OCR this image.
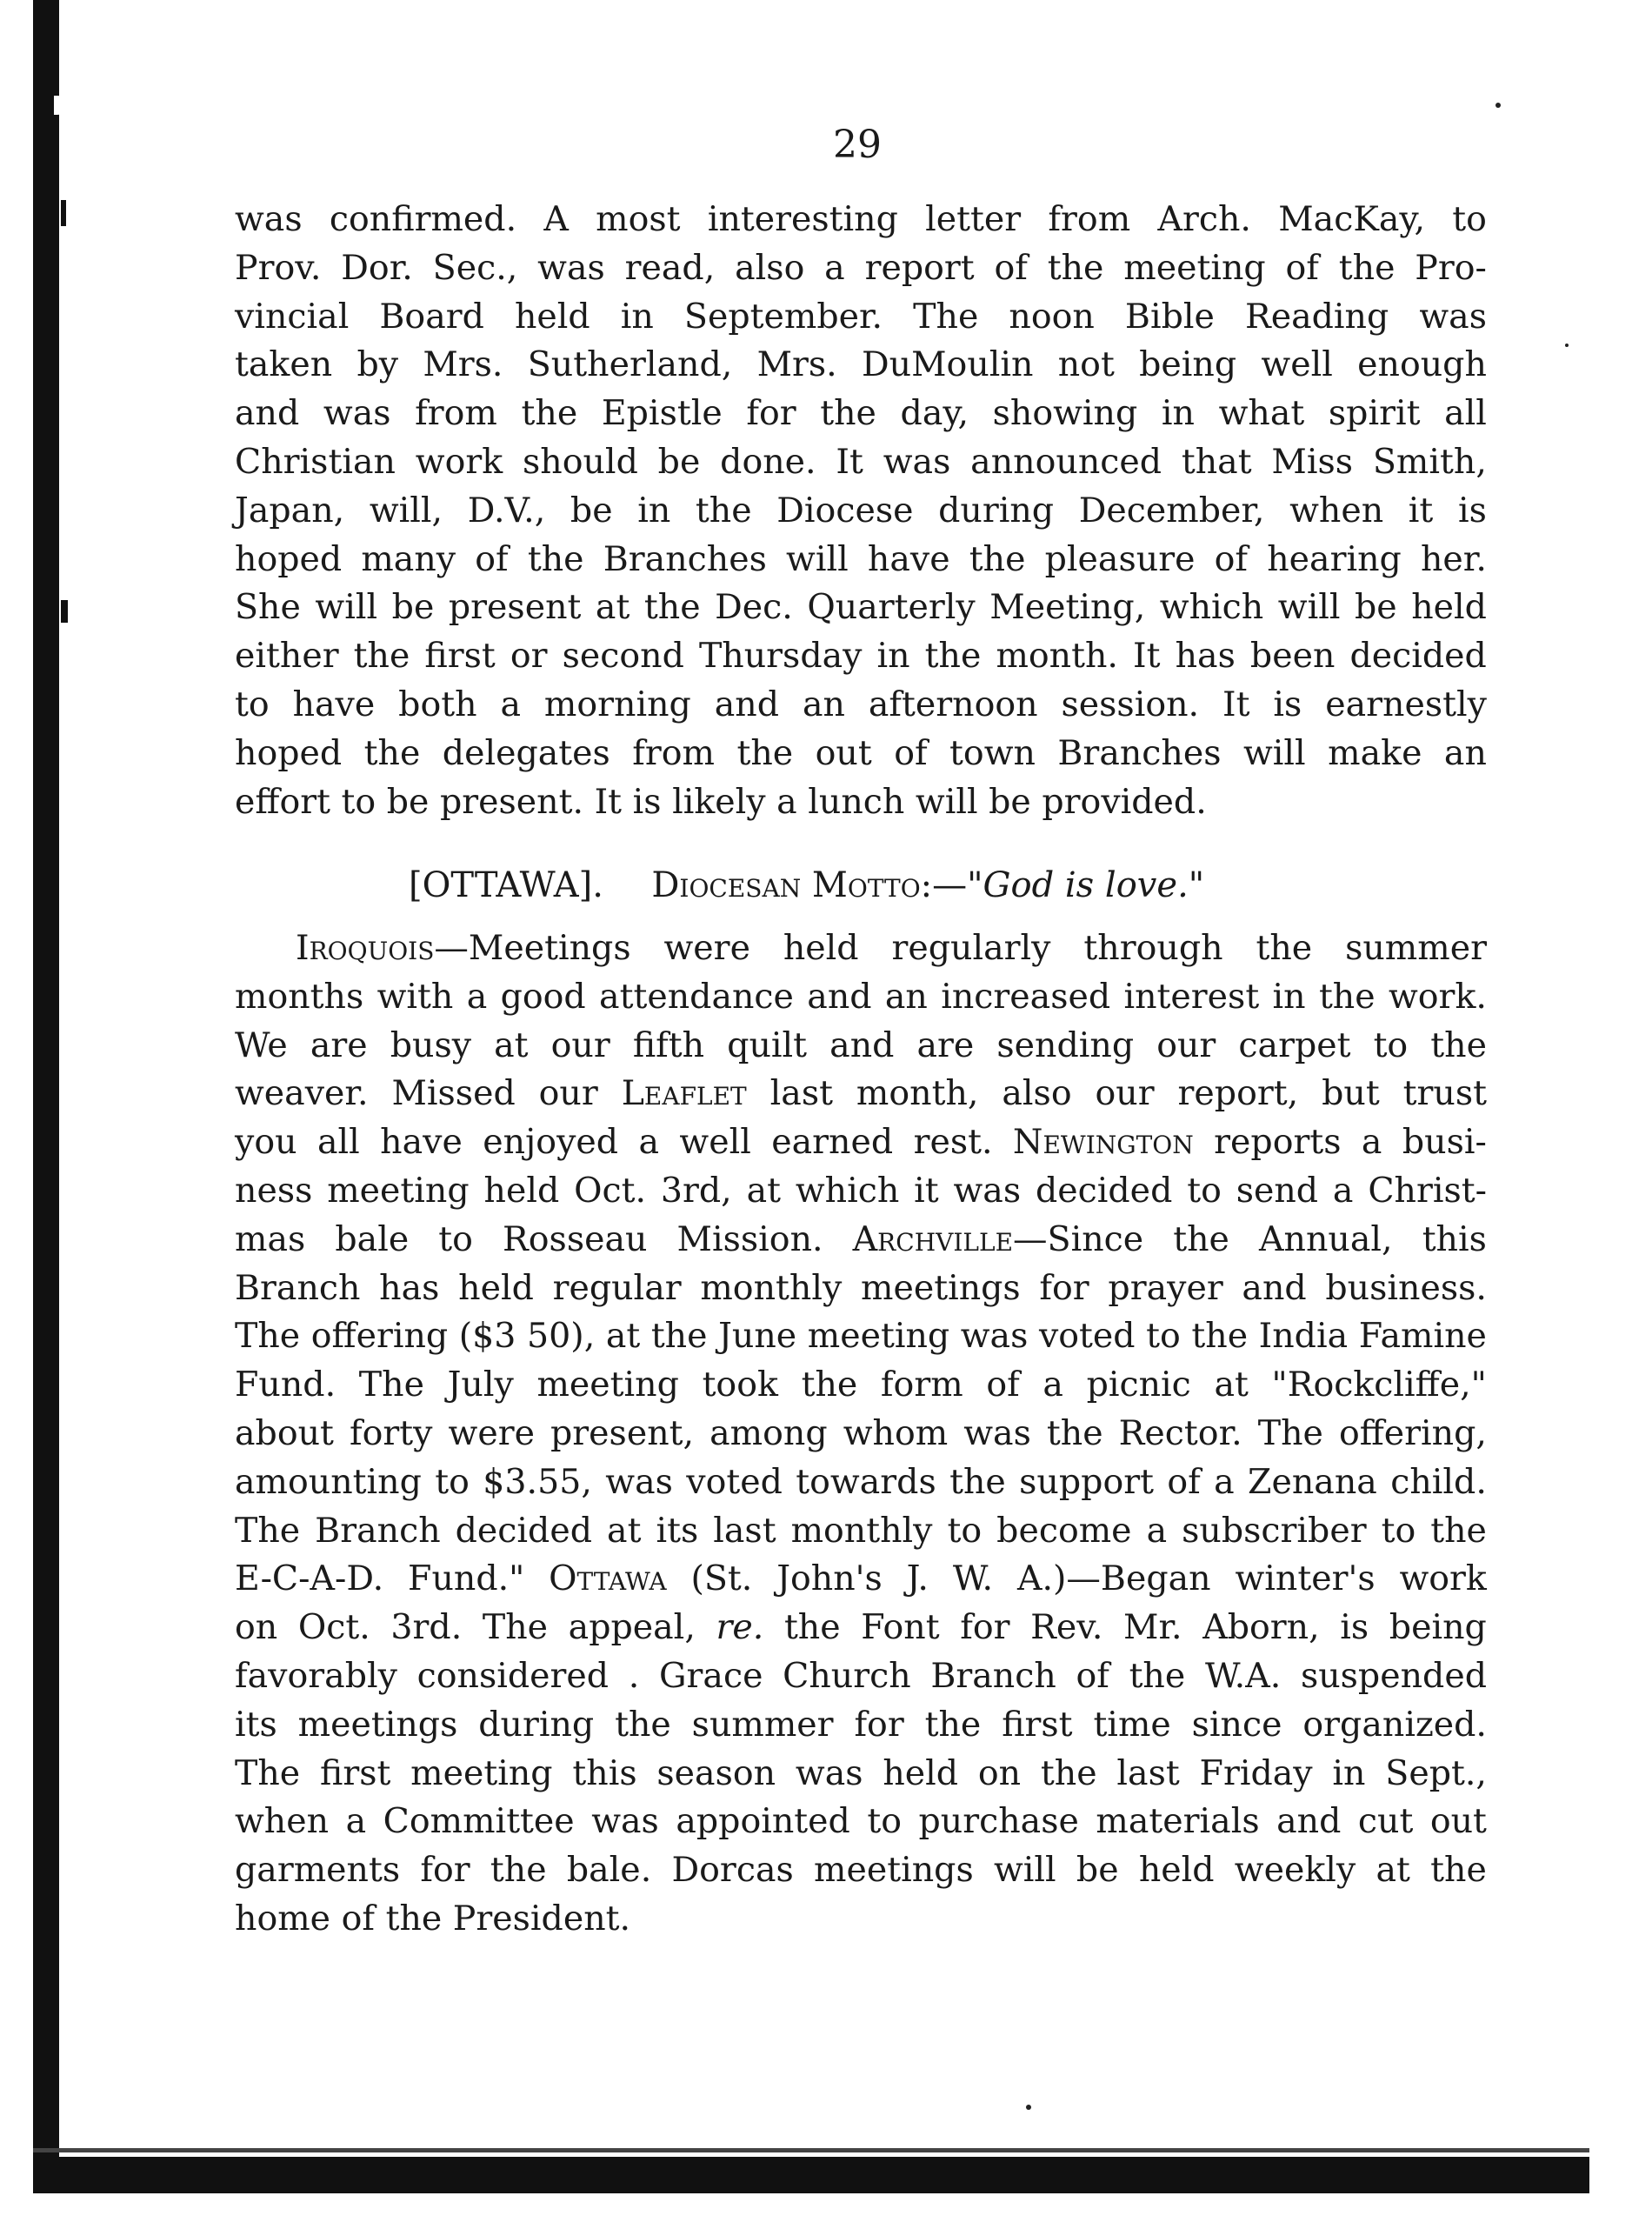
29
was confirmed. A most interesting letter from Arch. MacKay, to
Prov. Dor. Sec., was read, also a report of the meeting of the Pro-
vincial Board held in September. The noon Bible Reading was
taken by Mrs. Sutherland, Mrs. DuMoulin not being well enough
and was from the Epistle for the day, showing in what spirit all
Christian work should be done. It was announced that Miss Smith,
Japan, will, D.V., be in the Diocese during December, when it is
hoped many of the Branches will have the pleasure of hearing her.
She will be present at the Dec. Quarterly Meeting, which will be held
either the first or second Thursday in the month. It has been decided
to have both a morning and an afternoon session. It is earnestly
hoped the delegates from the out of town Branches will make an
effort to be present. It is likely a lunch will be provided.
[OTTAWA]. Diocesan Motto:—"God is love."
Iroquois—Meetings were held regularly through the summer
months with a good attendance and an increased interest in the work.
We are busy at our fifth quilt and are sending our carpet to the
weaver. Missed our Leaflet last month, also our report, but trust
you all have enjoyed a well earned rest. Newington reports a busi-
ness meeting held Oct. 3rd, at which it was decided to send a Christ-
mas bale to Rosseau Mission. Archville—Since the Annual, this
Branch has held regular monthly meetings for prayer and business.
The offering ($3 50), at the June meeting was voted to the India Famine
Fund. The July meeting took the form of a picnic at "Rockcliffe,"
about forty were present, among whom was the Rector. The offering,
amounting to $3.55, was voted towards the support of a Zenana child.
The Branch decided at its last monthly to become a subscriber to the
E-C-A-D. Fund." Ottawa (St. John's J. W. A.)—Began winter's work
on Oct. 3rd. The appeal, re. the Font for Rev. Mr. Aborn, is being
favorably considered . Grace Church Branch of the W.A. suspended
its meetings during the summer for the first time since organized.
The first meeting this season was held on the last Friday in Sept.,
when a Committee was appointed to purchase materials and cut out
garments for the bale. Dorcas meetings will be held weekly at the
home of the President.
